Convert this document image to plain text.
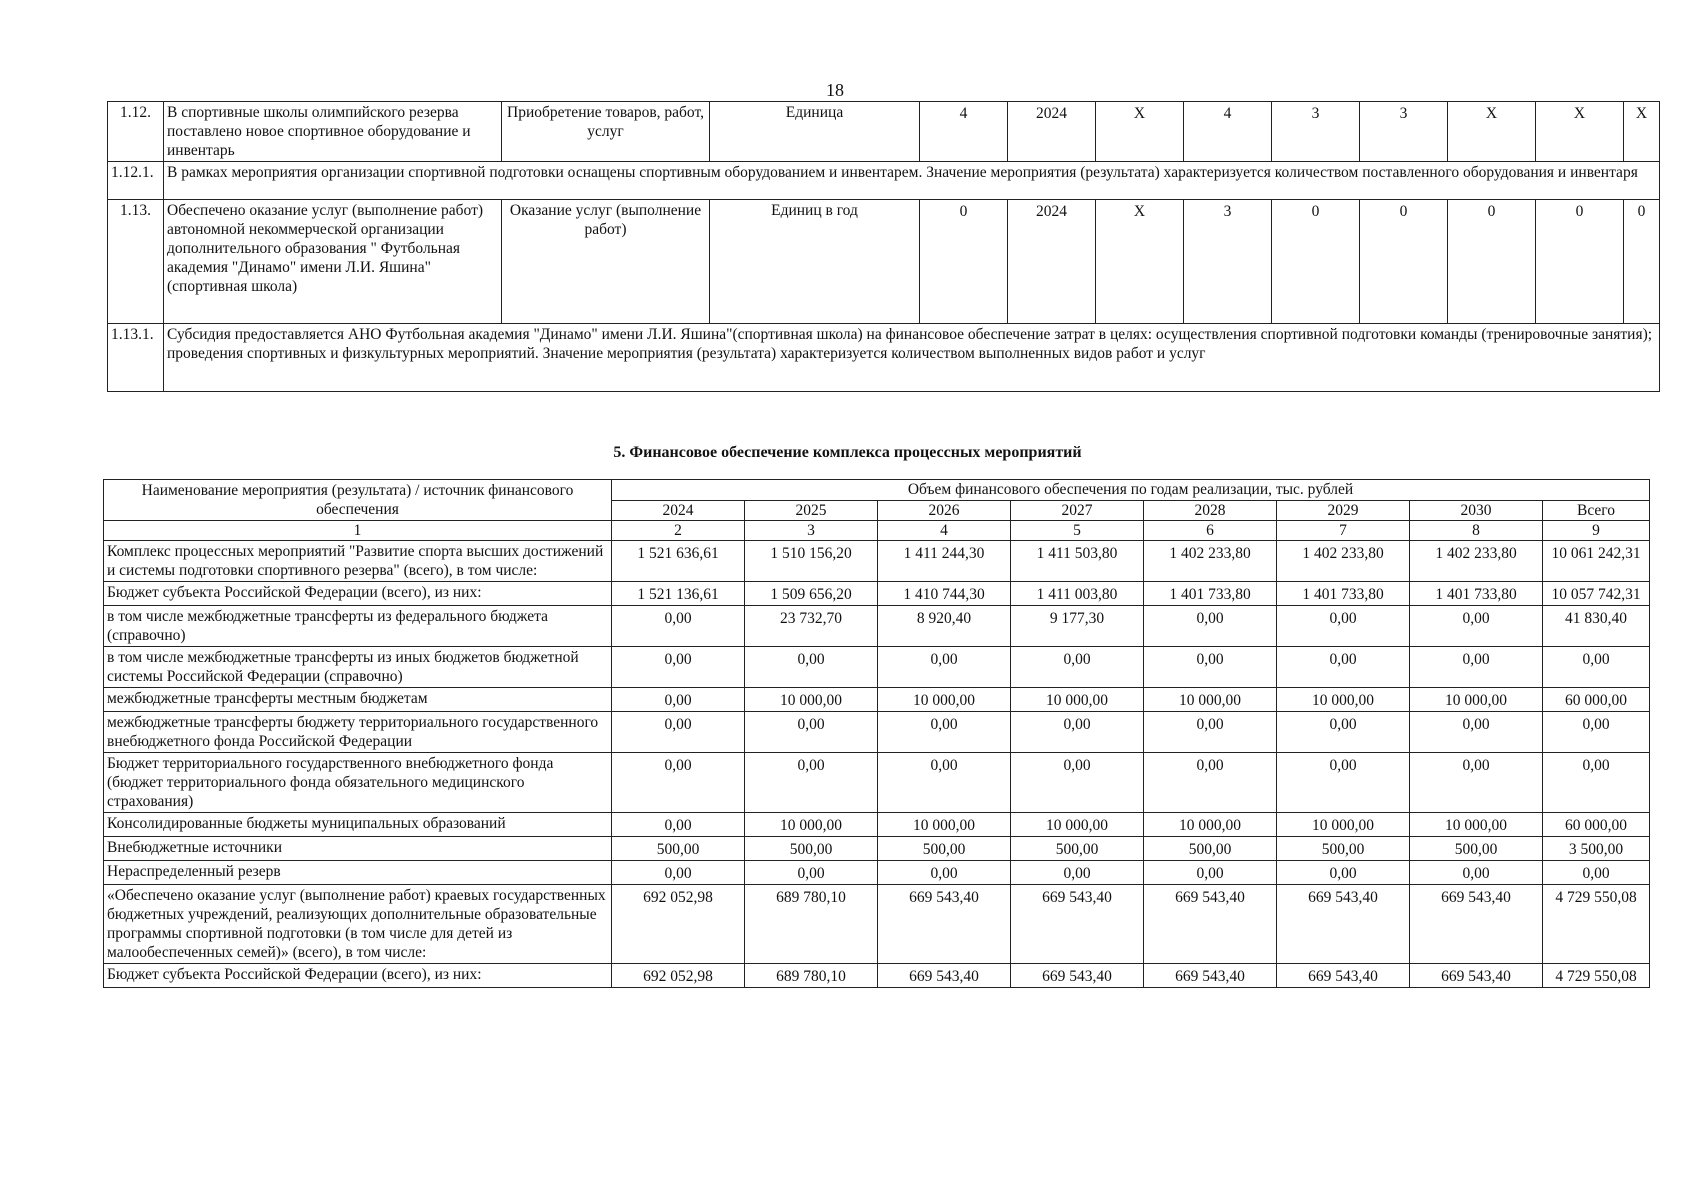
18
1.12.	В спортивные школы олимпийского резерва поставлено новое спортивное оборудование и инвентарь	Приобретение товаров, работ, услуг	Единица	4	2024	X	4	3	3	X	X	X
1.12.1.	В рамках мероприятия организации спортивной подготовки оснащены спортивным оборудованием и инвентарем. Значение мероприятия (результата) характеризуется количеством поставленного оборудования и инвентаря											
1.13.	Обеспечено оказание услуг (выполнение работ) автономной некоммерческой организации дополнительного образования " Футбольная академия "Динамо" имени Л.И. Яшина"(спортивная школа)	Оказание услуг (выполнение работ)	Единиц в год	0	2024	X	3	0	0	0	0	0
1.13.1.	Субсидия предоставляется АНО Футбольная академия "Динамо" имени Л.И. Яшина"(спортивная школа) на финансовое обеспечение затрат в целях: осуществления спортивной подготовки команды (тренировочные занятия); проведения спортивных и физкультурных мероприятий. Значение мероприятия (результата) характеризуется количеством выполненных видов работ и услуг											
5. Финансовое обеспечение комплекса процессных мероприятий
Наименование мероприятия (результата) / источник финансового обеспечения	Объем финансового обеспечения по годам реализации, тыс. рублей							
	2024	2025	2026	2027	2028	2029	2030	Всего
1	2	3	4	5	6	7	8	9
Комплекс процессных мероприятий "Развитие спорта высших достижений и системы подготовки спортивного резерва" (всего), в том числе:	1 521 636,61	1 510 156,20	1 411 244,30	1 411 503,80	1 402 233,80	1 402 233,80	1 402 233,80	10 061 242,31
Бюджет субъекта Российской Федерации (всего), из них:	1 521 136,61	1 509 656,20	1 410 744,30	1 411 003,80	1 401 733,80	1 401 733,80	1 401 733,80	10 057 742,31
в том числе межбюджетные трансферты из федерального бюджета (справочно)	0,00	23 732,70	8 920,40	9 177,30	0,00	0,00	0,00	41 830,40
в том числе межбюджетные трансферты из иных бюджетов бюджетной системы Российской Федерации (справочно)	0,00	0,00	0,00	0,00	0,00	0,00	0,00	0,00
межбюджетные трансферты местным бюджетам	0,00	10 000,00	10 000,00	10 000,00	10 000,00	10 000,00	10 000,00	60 000,00
межбюджетные трансферты бюджету территориального государственного внебюджетного фонда Российской Федерации	0,00	0,00	0,00	0,00	0,00	0,00	0,00	0,00
Бюджет территориального государственного внебюджетного фонда (бюджет территориального фонда обязательного медицинского страхования)	0,00	0,00	0,00	0,00	0,00	0,00	0,00	0,00
Консолидированные бюджеты муниципальных образований	0,00	10 000,00	10 000,00	10 000,00	10 000,00	10 000,00	10 000,00	60 000,00
Внебюджетные источники	500,00	500,00	500,00	500,00	500,00	500,00	500,00	3 500,00
Нераспределенный резерв	0,00	0,00	0,00	0,00	0,00	0,00	0,00	0,00
«Обеспечено оказание услуг (выполнение работ) краевых государственных бюджетных учреждений, реализующих дополнительные образовательные программы спортивной подготовки (в том числе для детей из малообеспеченных семей)» (всего), в том числе:	692 052,98	689 780,10	669 543,40	669 543,40	669 543,40	669 543,40	669 543,40	4 729 550,08
Бюджет субъекта Российской Федерации (всего), из них:	692 052,98	689 780,10	669 543,40	669 543,40	669 543,40	669 543,40	669 543,40	4 729 550,08
